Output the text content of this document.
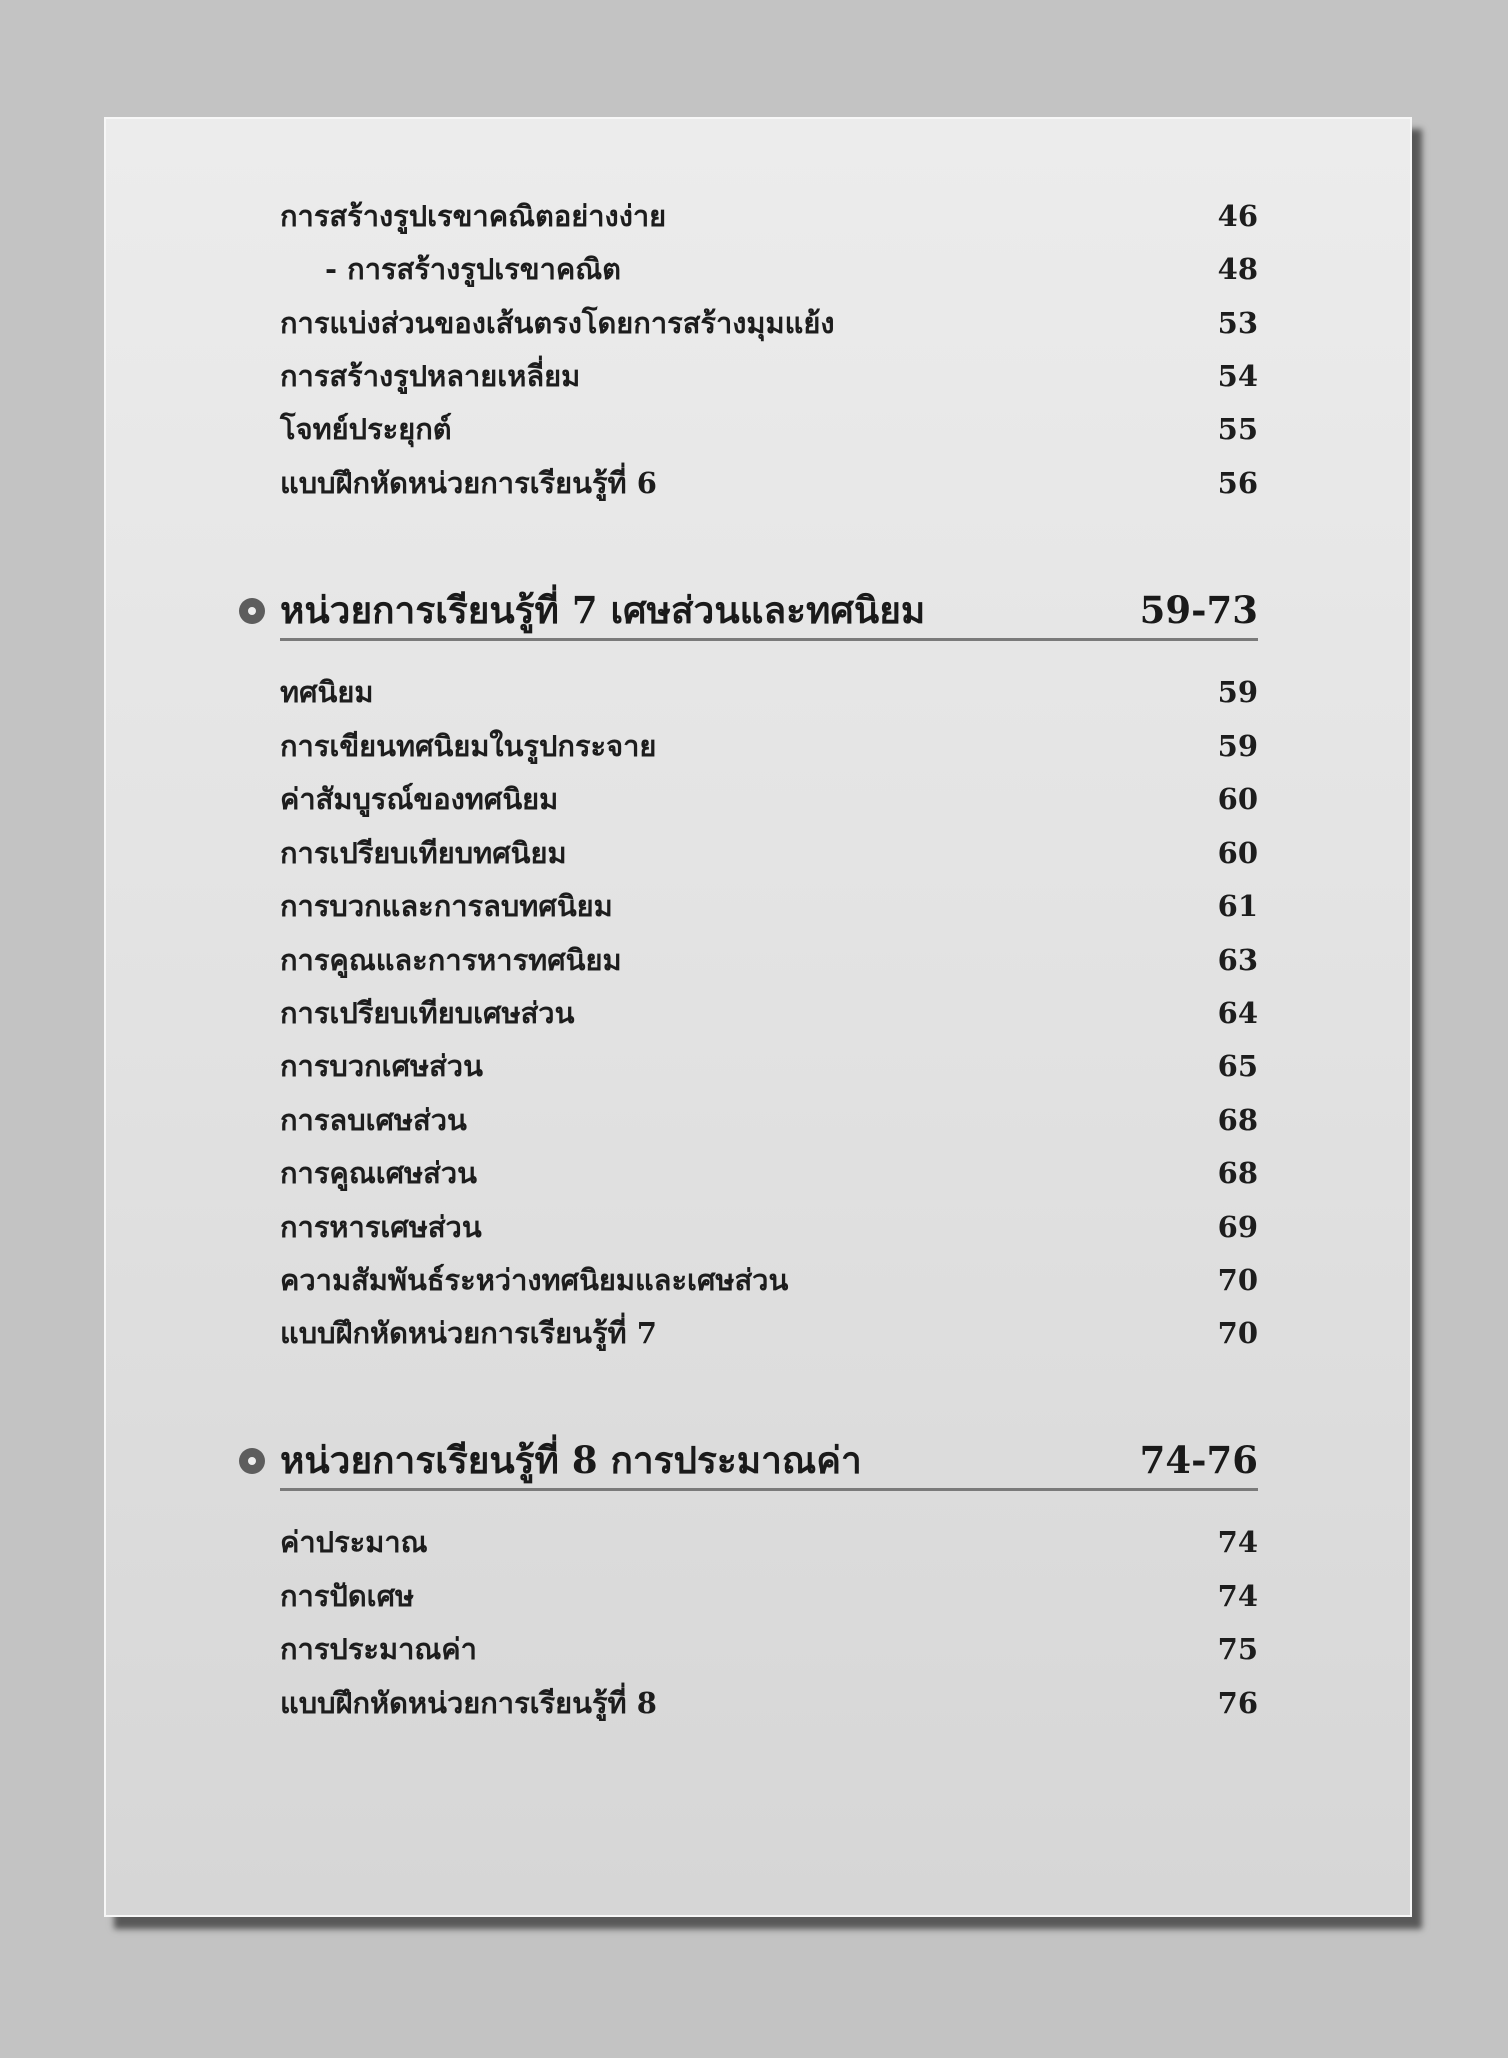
การสร้างรูปเรขาคณิตอย่างง่าย	46
- การสร้างรูปเรขาคณิต	48
การแบ่งส่วนของเส้นตรงโดยการสร้างมุมแย้ง	53
การสร้างรูปหลายเหลี่ยม	54
โจทย์ประยุกต์	55
แบบฝึกหัดหน่วยการเรียนรู้ที่ 6	56
หน่วยการเรียนรู้ที่ 7 เศษส่วนและทศนิยม	59-73
ทศนิยม	59
การเขียนทศนิยมในรูปกระจาย	59
ค่าสัมบูรณ์ของทศนิยม	60
การเปรียบเทียบทศนิยม	60
การบวกและการลบทศนิยม	61
การคูณและการหารทศนิยม	63
การเปรียบเทียบเศษส่วน	64
การบวกเศษส่วน	65
การลบเศษส่วน	68
การคูณเศษส่วน	68
การหารเศษส่วน	69
ความสัมพันธ์ระหว่างทศนิยมและเศษส่วน	70
แบบฝึกหัดหน่วยการเรียนรู้ที่ 7	70
หน่วยการเรียนรู้ที่ 8 การประมาณค่า	74-76
ค่าประมาณ	74
การปัดเศษ	74
การประมาณค่า	75
แบบฝึกหัดหน่วยการเรียนรู้ที่ 8	76
